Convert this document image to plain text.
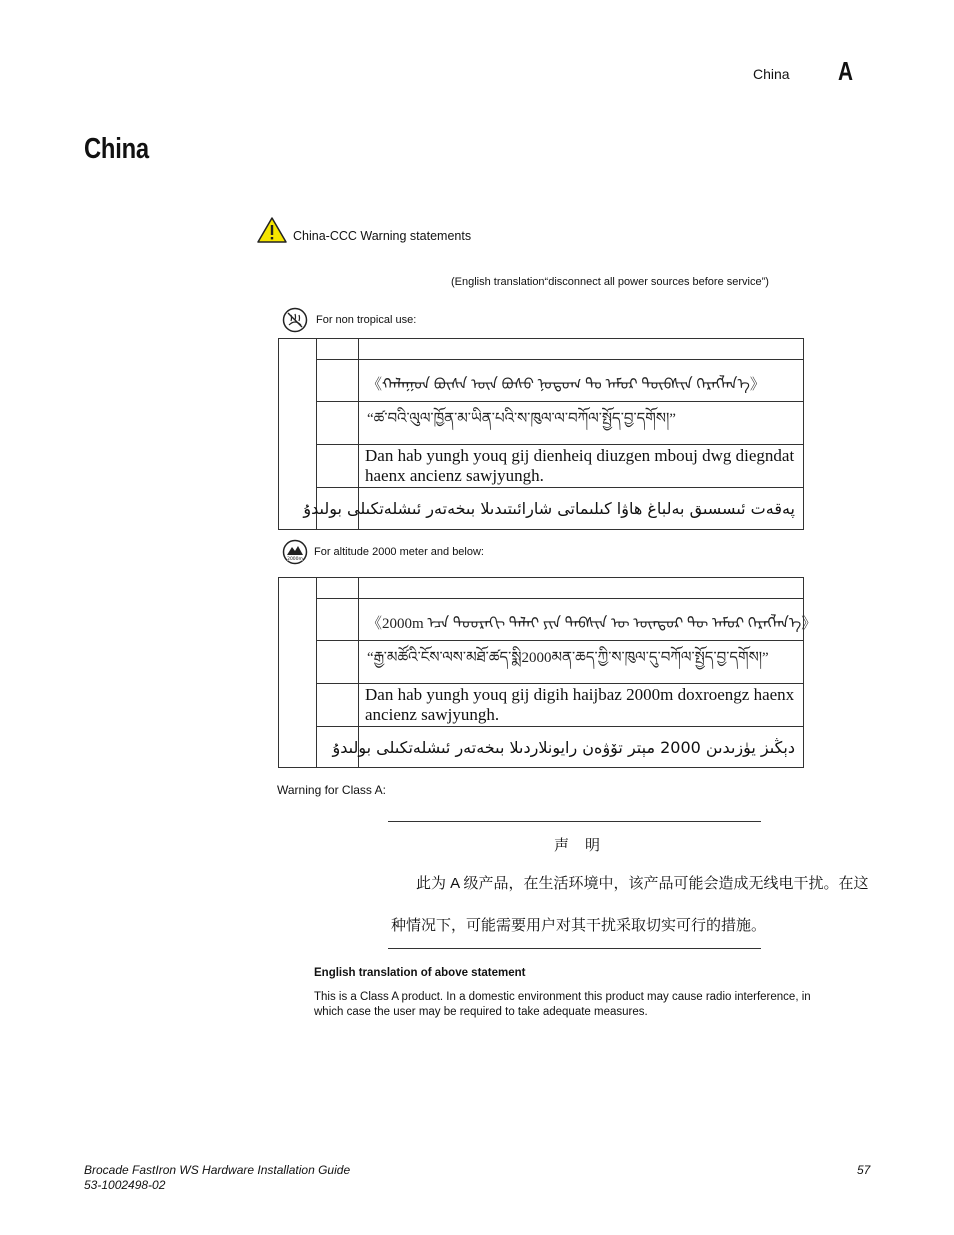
China A
China
China-CCC Warning statements
(English translation“disconnect all power sources before service”)
For non tropical use:

		《ᠬᠠᠯᠠᠭᠤᠨ ᠪᠦᠰᠡ ᠦᠨ ᠪᠤᠰᠤ ᠨᠤᠲᠤᠭ ᠲᠤ ᠠᠮᠤᠷ ᠲᠦᠪᠰᠢᠨ ᠬᠡᠷᠡᠭᠯᠡᠨ᠎ᠡ》

		“ཚ་བའི་ལུལ་ཁྱོན་མ་ཡིན་པའི་ས་ཁུལ་ལ་བཀོལ་སྤྱོད་བྱ་དགོས།”

		Dan hab yungh youq gij dienheiq diuzgen mbouj dwg diegndat haenx ancienz sawjyungh.

		پەقەت ئىسسىق بەلباغ ھاۋا كىلىماتى شارائىتىدىلا بىخەتەر ئىشلەتكىلى بولىدۇ
2000m
For altitude 2000 meter and below:

		《2000m ᠡᠴᠡ ᠳᠣᠣᠷᠠᠬᠢ ᠳᠠᠯᠠᠢ ᠶᠢᠨ ᠲᠡᠪᠰᠢᠨ ᠦ ᠥᠨᠳᠥᠷ ᠲᠦ ᠠᠮᠤᠷ ᠬᠡᠷᠡᠭᠯᠡᠨ᠎ᠡ》

		“རྒྱ་མཚོའི་ངོས་ལས་མཐོ་ཚད་སྨི2000མན་ཆད་ཀྱི་ས་ཁུལ་དུ་བཀོལ་སྤྱོད་བྱ་དགོས།”

		Dan hab yungh youq gij digih haijbaz 2000m doxroengz haenx ancienz sawjyungh.

		دېڭىز يۈزىدىن 2000 مېتر تۆۋەن رايونلاردىلا بىخەتەر ئىشلەتكىلى بولىدۇ
Warning for Class A:
声明
此为 A 级产品，在生活环境中，该产品可能会造成无线电干扰。在这
种情况下，可能需要用户对其干扰采取切实可行的措施。
English translation of above statement
This is a Class A product. In a domestic environment this product may cause radio interference, in which case the user may be required to take adequate measures.
Brocade FastIron WS Hardware Installation Guide
53-1002498-02
57
